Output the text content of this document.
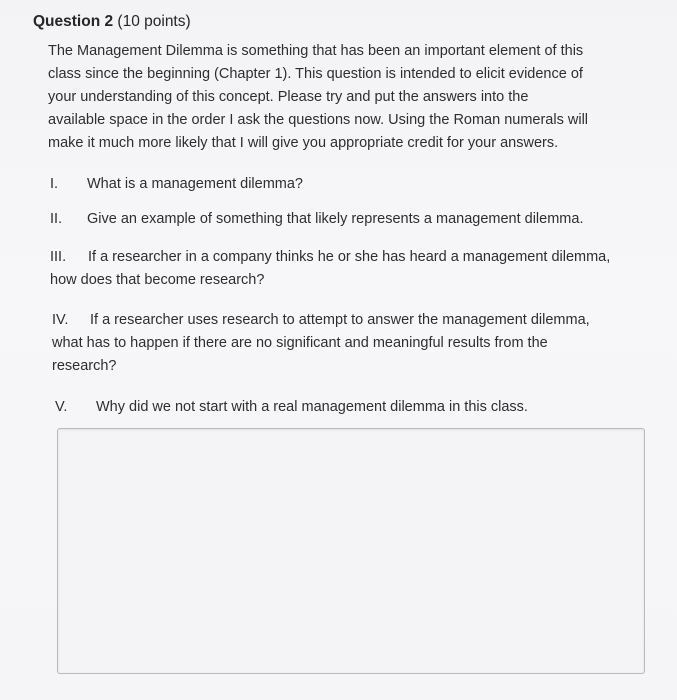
Question 2 (10 points)
The Management Dilemma is something that has been an important element of this
class since the beginning (Chapter 1). This question is intended to elicit evidence of
your understanding of this concept. Please try and put the answers into the
available space in the order I ask the questions now. Using the Roman numerals will
make it much more likely that I will give you appropriate credit for your answers.
I. What is a management dilemma?
II. Give an example of something that likely represents a management dilemma.
III. If a researcher in a company thinks he or she has heard a management dilemma,
how does that become research?
IV. If a researcher uses research to attempt to answer the management dilemma,
what has to happen if there are no significant and meaningful results from the
research?
V. Why did we not start with a real management dilemma in this class.
